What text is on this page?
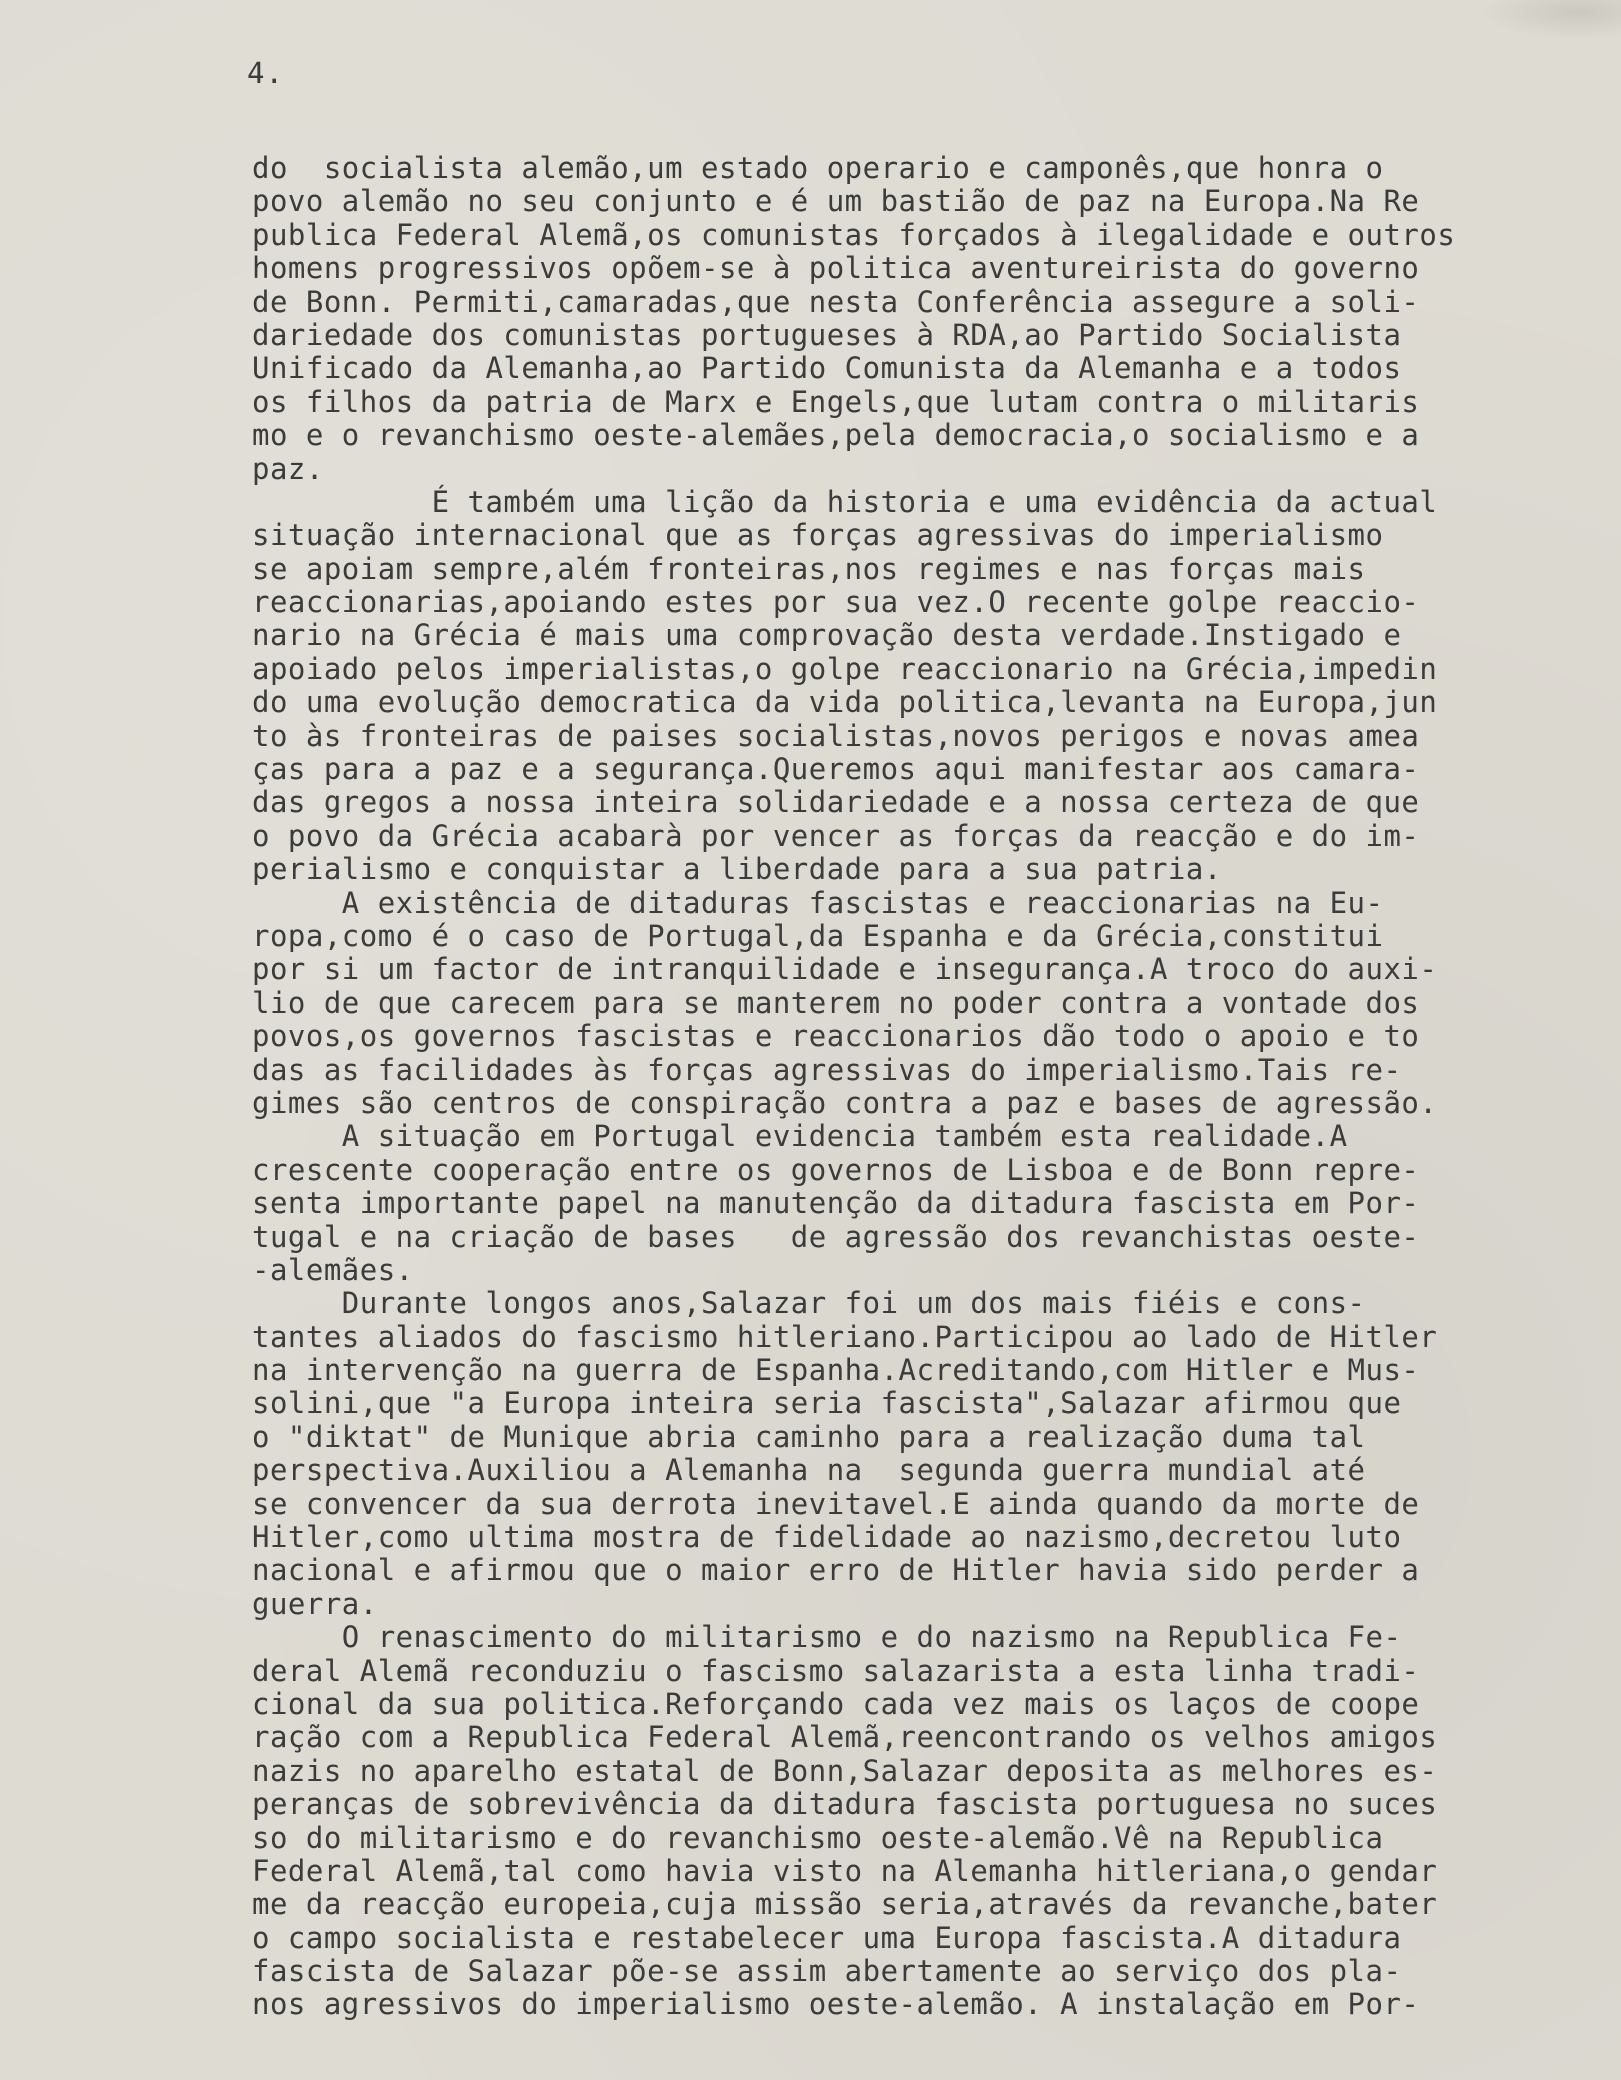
4.
do  socialista alemão,um estado operario e camponês,que honra o
povo alemão no seu conjunto e é um bastião de paz na Europa.Na Re
publica Federal Alemã,os comunistas forçados à ilegalidade e outros
homens progressivos opõem-se à politica aventureirista do governo
de Bonn. Permiti,camaradas,que nesta Conferência assegure a soli-
dariedade dos comunistas portugueses à RDA,ao Partido Socialista
Unificado da Alemanha,ao Partido Comunista da Alemanha e a todos
os filhos da patria de Marx e Engels,que lutam contra o militaris
mo e o revanchismo oeste-alemães,pela democracia,o socialismo e a
paz.
É também uma lição da historia e uma evidência da actual
situação internacional que as forças agressivas do imperialismo
se apoiam sempre,além fronteiras,nos regimes e nas forças mais
reaccionarias,apoiando estes por sua vez.O recente golpe reaccio-
nario na Grécia é mais uma comprovação desta verdade.Instigado e
apoiado pelos imperialistas,o golpe reaccionario na Grécia,impedin
do uma evolução democratica da vida politica,levanta na Europa,jun
to às fronteiras de paises socialistas,novos perigos e novas amea
ças para a paz e a segurança.Queremos aqui manifestar aos camara-
das gregos a nossa inteira solidariedade e a nossa certeza de que
o povo da Grécia acabarà por vencer as forças da reacção e do im-
perialismo e conquistar a liberdade para a sua patria.
A existência de ditaduras fascistas e reaccionarias na Eu-
ropa,como é o caso de Portugal,da Espanha e da Grécia,constitui
por si um factor de intranquilidade e insegurança.A troco do auxi-
lio de que carecem para se manterem no poder contra a vontade dos
povos,os governos fascistas e reaccionarios dão todo o apoio e to
das as facilidades às forças agressivas do imperialismo.Tais re-
gimes são centros de conspiração contra a paz e bases de agressão.
A situação em Portugal evidencia também esta realidade.A
crescente cooperação entre os governos de Lisboa e de Bonn repre-
senta importante papel na manutenção da ditadura fascista em Por-
tugal e na criação de bases   de agressão dos revanchistas oeste-
-alemães.
Durante longos anos,Salazar foi um dos mais fiéis e cons-
tantes aliados do fascismo hitleriano.Participou ao lado de Hitler
na intervenção na guerra de Espanha.Acreditando,com Hitler e Mus-
solini,que "a Europa inteira seria fascista",Salazar afirmou que
o "diktat" de Munique abria caminho para a realização duma tal
perspectiva.Auxiliou a Alemanha na  segunda guerra mundial até
se convencer da sua derrota inevitavel.E ainda quando da morte de
Hitler,como ultima mostra de fidelidade ao nazismo,decretou luto
nacional e afirmou que o maior erro de Hitler havia sido perder a
guerra.
O renascimento do militarismo e do nazismo na Republica Fe-
deral Alemã reconduziu o fascismo salazarista a esta linha tradi-
cional da sua politica.Reforçando cada vez mais os laços de coope
ração com a Republica Federal Alemã,reencontrando os velhos amigos
nazis no aparelho estatal de Bonn,Salazar deposita as melhores es-
peranças de sobrevivência da ditadura fascista portuguesa no suces
so do militarismo e do revanchismo oeste-alemão.Vê na Republica
Federal Alemã,tal como havia visto na Alemanha hitleriana,o gendar
me da reacção europeia,cuja missão seria,através da revanche,bater
o campo socialista e restabelecer uma Europa fascista.A ditadura
fascista de Salazar põe-se assim abertamente ao serviço dos pla-
nos agressivos do imperialismo oeste-alemão. A instalação em Por-
